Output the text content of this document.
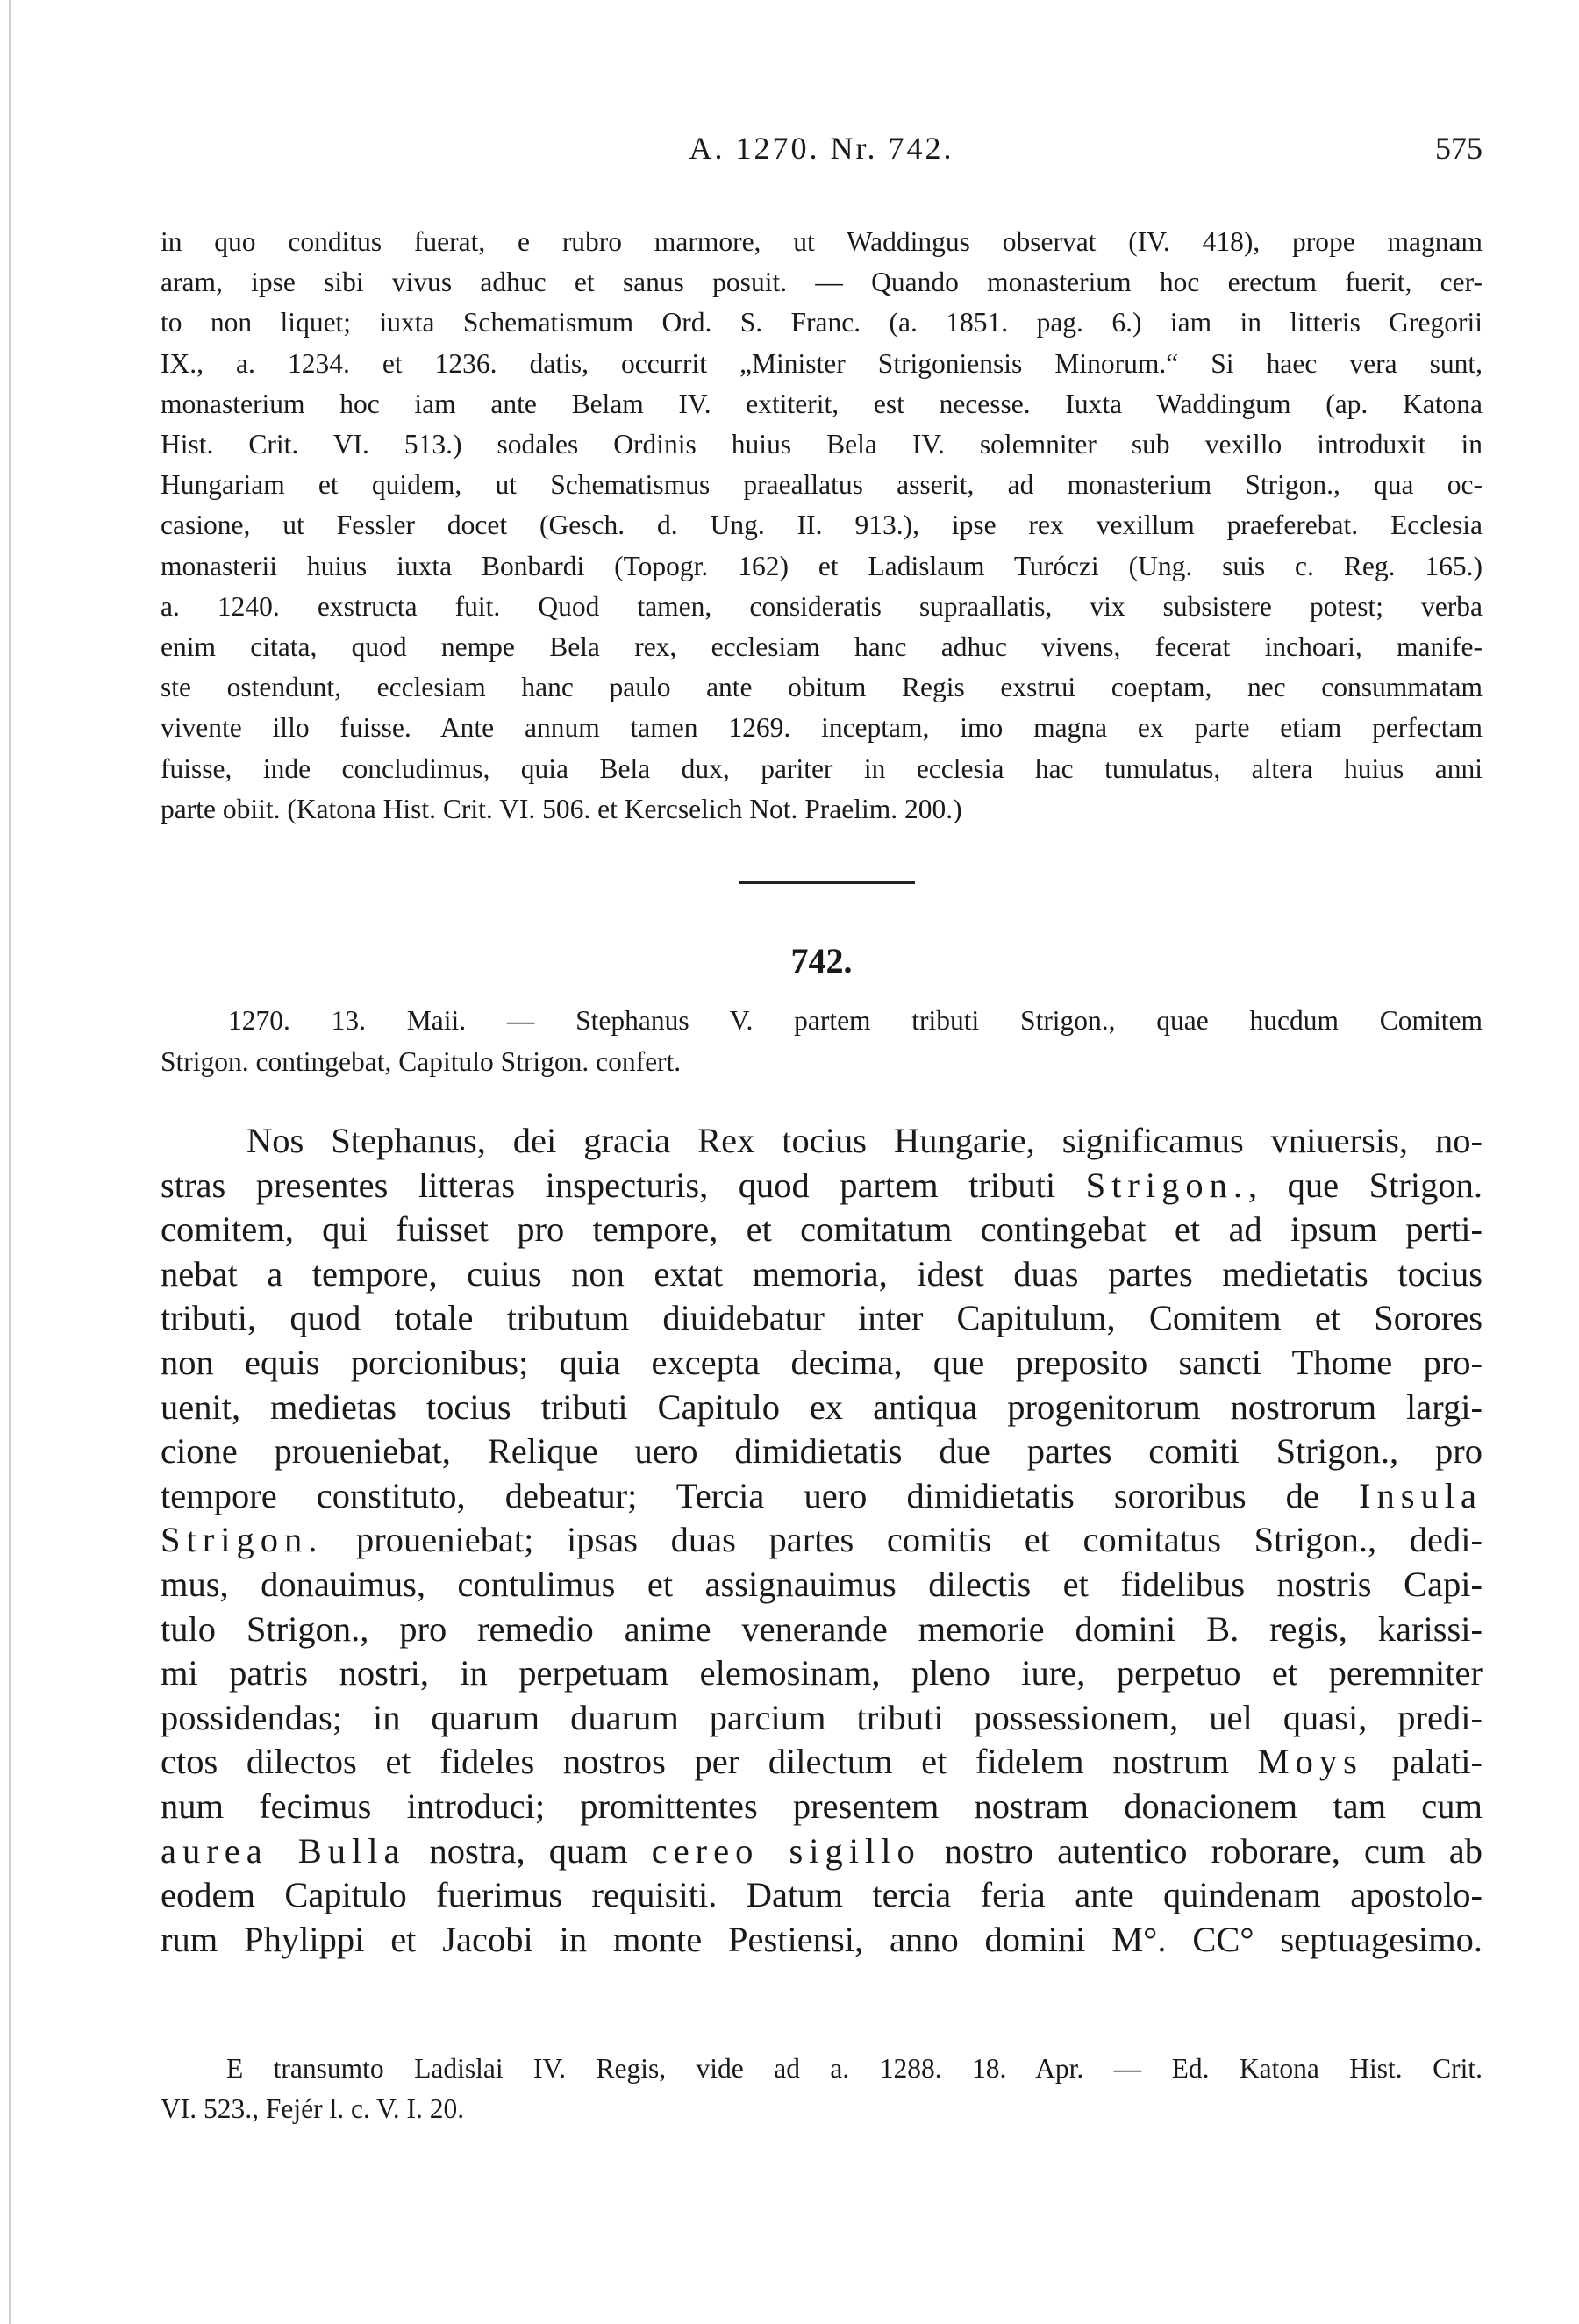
A. 1270. Nr. 742.	575
in quo conditus fuerat, e rubro marmore, ut Waddingus observat (IV. 418), prope magnam
aram, ipse sibi vivus adhuc et sanus posuit. — Quando monasterium hoc erectum fuerit, cer-
to non liquet; iuxta Schematismum Ord. S. Franc. (a. 1851. pag. 6.) iam in litteris Gregorii
IX., a. 1234. et 1236. datis, occurrit „Minister Strigoniensis Minorum.“ Si haec vera sunt,
monasterium hoc iam ante Belam IV. extiterit, est necesse. Iuxta Waddingum (ap. Katona
Hist. Crit. VI. 513.) sodales Ordinis huius Bela IV. solemniter sub vexillo introduxit in
Hungariam et quidem, ut Schematismus praeallatus asserit, ad monasterium Strigon., qua oc-
casione, ut Fessler docet (Gesch. d. Ung. II. 913.), ipse rex vexillum praeferebat. Ecclesia
monasterii huius iuxta Bonbardi (Topogr. 162) et Ladislaum Turóczi (Ung. suis c. Reg. 165.)
a. 1240. exstructa fuit. Quod tamen, consideratis supraallatis, vix subsistere potest; verba
enim citata, quod nempe Bela rex, ecclesiam hanc adhuc vivens, fecerat inchoari, manife-
ste ostendunt, ecclesiam hanc paulo ante obitum Regis exstrui coeptam, nec consummatam
vivente illo fuisse. Ante annum tamen 1269. inceptam, imo magna ex parte etiam perfectam
fuisse, inde concludimus, quia Bela dux, pariter in ecclesia hac tumulatus, altera huius anni
parte obiit. (Katona Hist. Crit. VI. 506. et Kercselich Not. Praelim. 200.)
742.
1270. 13. Maii. — Stephanus V. partem tributi Strigon., quae hucdum Comitem
Strigon. contingebat, Capitulo Strigon. confert.
Nos Stephanus, dei gracia Rex tocius Hungarie, significamus vniuersis, no-
stras presentes litteras inspecturis, quod partem tributi Strigon., que Strigon.
comitem, qui fuisset pro tempore, et comitatum contingebat et ad ipsum perti-
nebat a tempore, cuius non extat memoria, idest duas partes medietatis tocius
tributi, quod totale tributum diuidebatur inter Capitulum, Comitem et Sorores
non equis porcionibus; quia excepta decima, que preposito sancti Thome pro-
uenit, medietas tocius tributi Capitulo ex antiqua progenitorum nostrorum largi-
cione proueniebat, Relique uero dimidietatis due partes comiti Strigon., pro
tempore constituto, debeatur; Tercia uero dimidietatis sororibus de Insula
Strigon. proueniebat; ipsas duas partes comitis et comitatus Strigon., dedi-
mus, donauimus, contulimus et assignauimus dilectis et fidelibus nostris Capi-
tulo Strigon., pro remedio anime venerande memorie domini B. regis, karissi-
mi patris nostri, in perpetuam elemosinam, pleno iure, perpetuo et peremniter
possidendas; in quarum duarum parcium tributi possessionem, uel quasi, predi-
ctos dilectos et fideles nostros per dilectum et fidelem nostrum Moys palati-
num fecimus introduci; promittentes presentem nostram donacionem tam cum
aurea Bulla nostra, quam cereo sigillo nostro autentico roborare, cum ab
eodem Capitulo fuerimus requisiti. Datum tercia feria ante quindenam apostolo-
rum Phylippi et Jacobi in monte Pestiensi, anno domini M°. CC° septuagesimo.
E transumto Ladislai IV. Regis, vide ad a. 1288. 18. Apr. — Ed. Katona Hist. Crit.
VI. 523., Fejér l. c. V. I. 20.
